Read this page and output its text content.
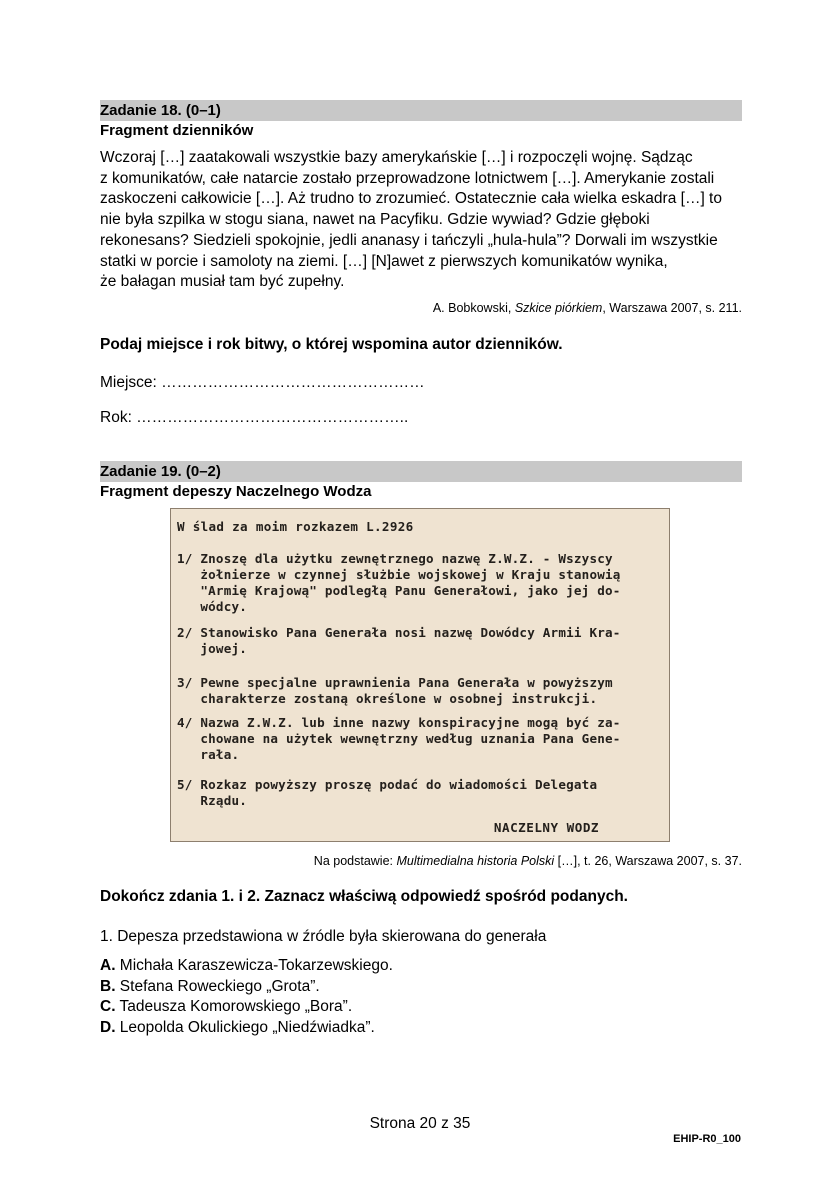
Zadanie 18. (0–1)
Fragment dzienników
Wczoraj […] zaatakowali wszystkie bazy amerykańskie […] i rozpoczęli wojnę. Sądząc
z komunikatów, całe natarcie zostało przeprowadzone lotnictwem […]. Amerykanie zostali
zaskoczeni całkowicie […]. Aż trudno to zrozumieć. Ostatecznie cała wielka eskadra […] to
nie była szpilka w stogu siana, nawet na Pacyfiku. Gdzie wywiad? Gdzie głęboki
rekonesans? Siedzieli spokojnie, jedli ananasy i tańczyli „hula-hula”? Dorwali im wszystkie
statki w porcie i samoloty na ziemi. […] [N]awet z pierwszych komunikatów wynika,
że bałagan musiał tam być zupełny.
A. Bobkowski, Szkice piórkiem, Warszawa 2007, s. 211.
Podaj miejsce i rok bitwy, o której wspomina autor dzienników.
Miejsce: ……………………………………………
Rok: ……………………………………………..
Zadanie 19. (0–2)
Fragment depeszy Naczelnego Wodza
W ślad za moim rozkazem L.2926
1/ Znoszę dla użytku zewnętrznego nazwę Z.W.Z. - Wszyscy
żołnierze w czynnej służbie wojskowej w Kraju stanowią
"Armię Krajową" podległą Panu Generałowi, jako jej do-
wódcy.
2/ Stanowisko Pana Generała nosi nazwę Dowódcy Armii Kra-
jowej.
3/ Pewne specjalne uprawnienia Pana Generała w powyższym
charakterze zostaną określone w osobnej instrukcji.
4/ Nazwa Z.W.Z. lub inne nazwy konspiracyjne mogą być za-
chowane na użytek wewnętrzny według uznania Pana Gene-
rała.
5/ Rozkaz powyższy proszę podać do wiadomości Delegata
Rządu.
NACZELNY WODZ
Na podstawie: Multimedialna historia Polski […], t. 26, Warszawa 2007, s. 37.
Dokończ zdania 1. i 2. Zaznacz właściwą odpowiedź spośród podanych.
1. Depesza przedstawiona w źródle była skierowana do generała
A. Michała Karaszewicza-Tokarzewskiego.
B. Stefana Roweckiego „Grota”.
C. Tadeusza Komorowskiego „Bora”.
D. Leopolda Okulickiego „Niedźwiadka”.
Strona 20 z 35
EHIP-R0_100
